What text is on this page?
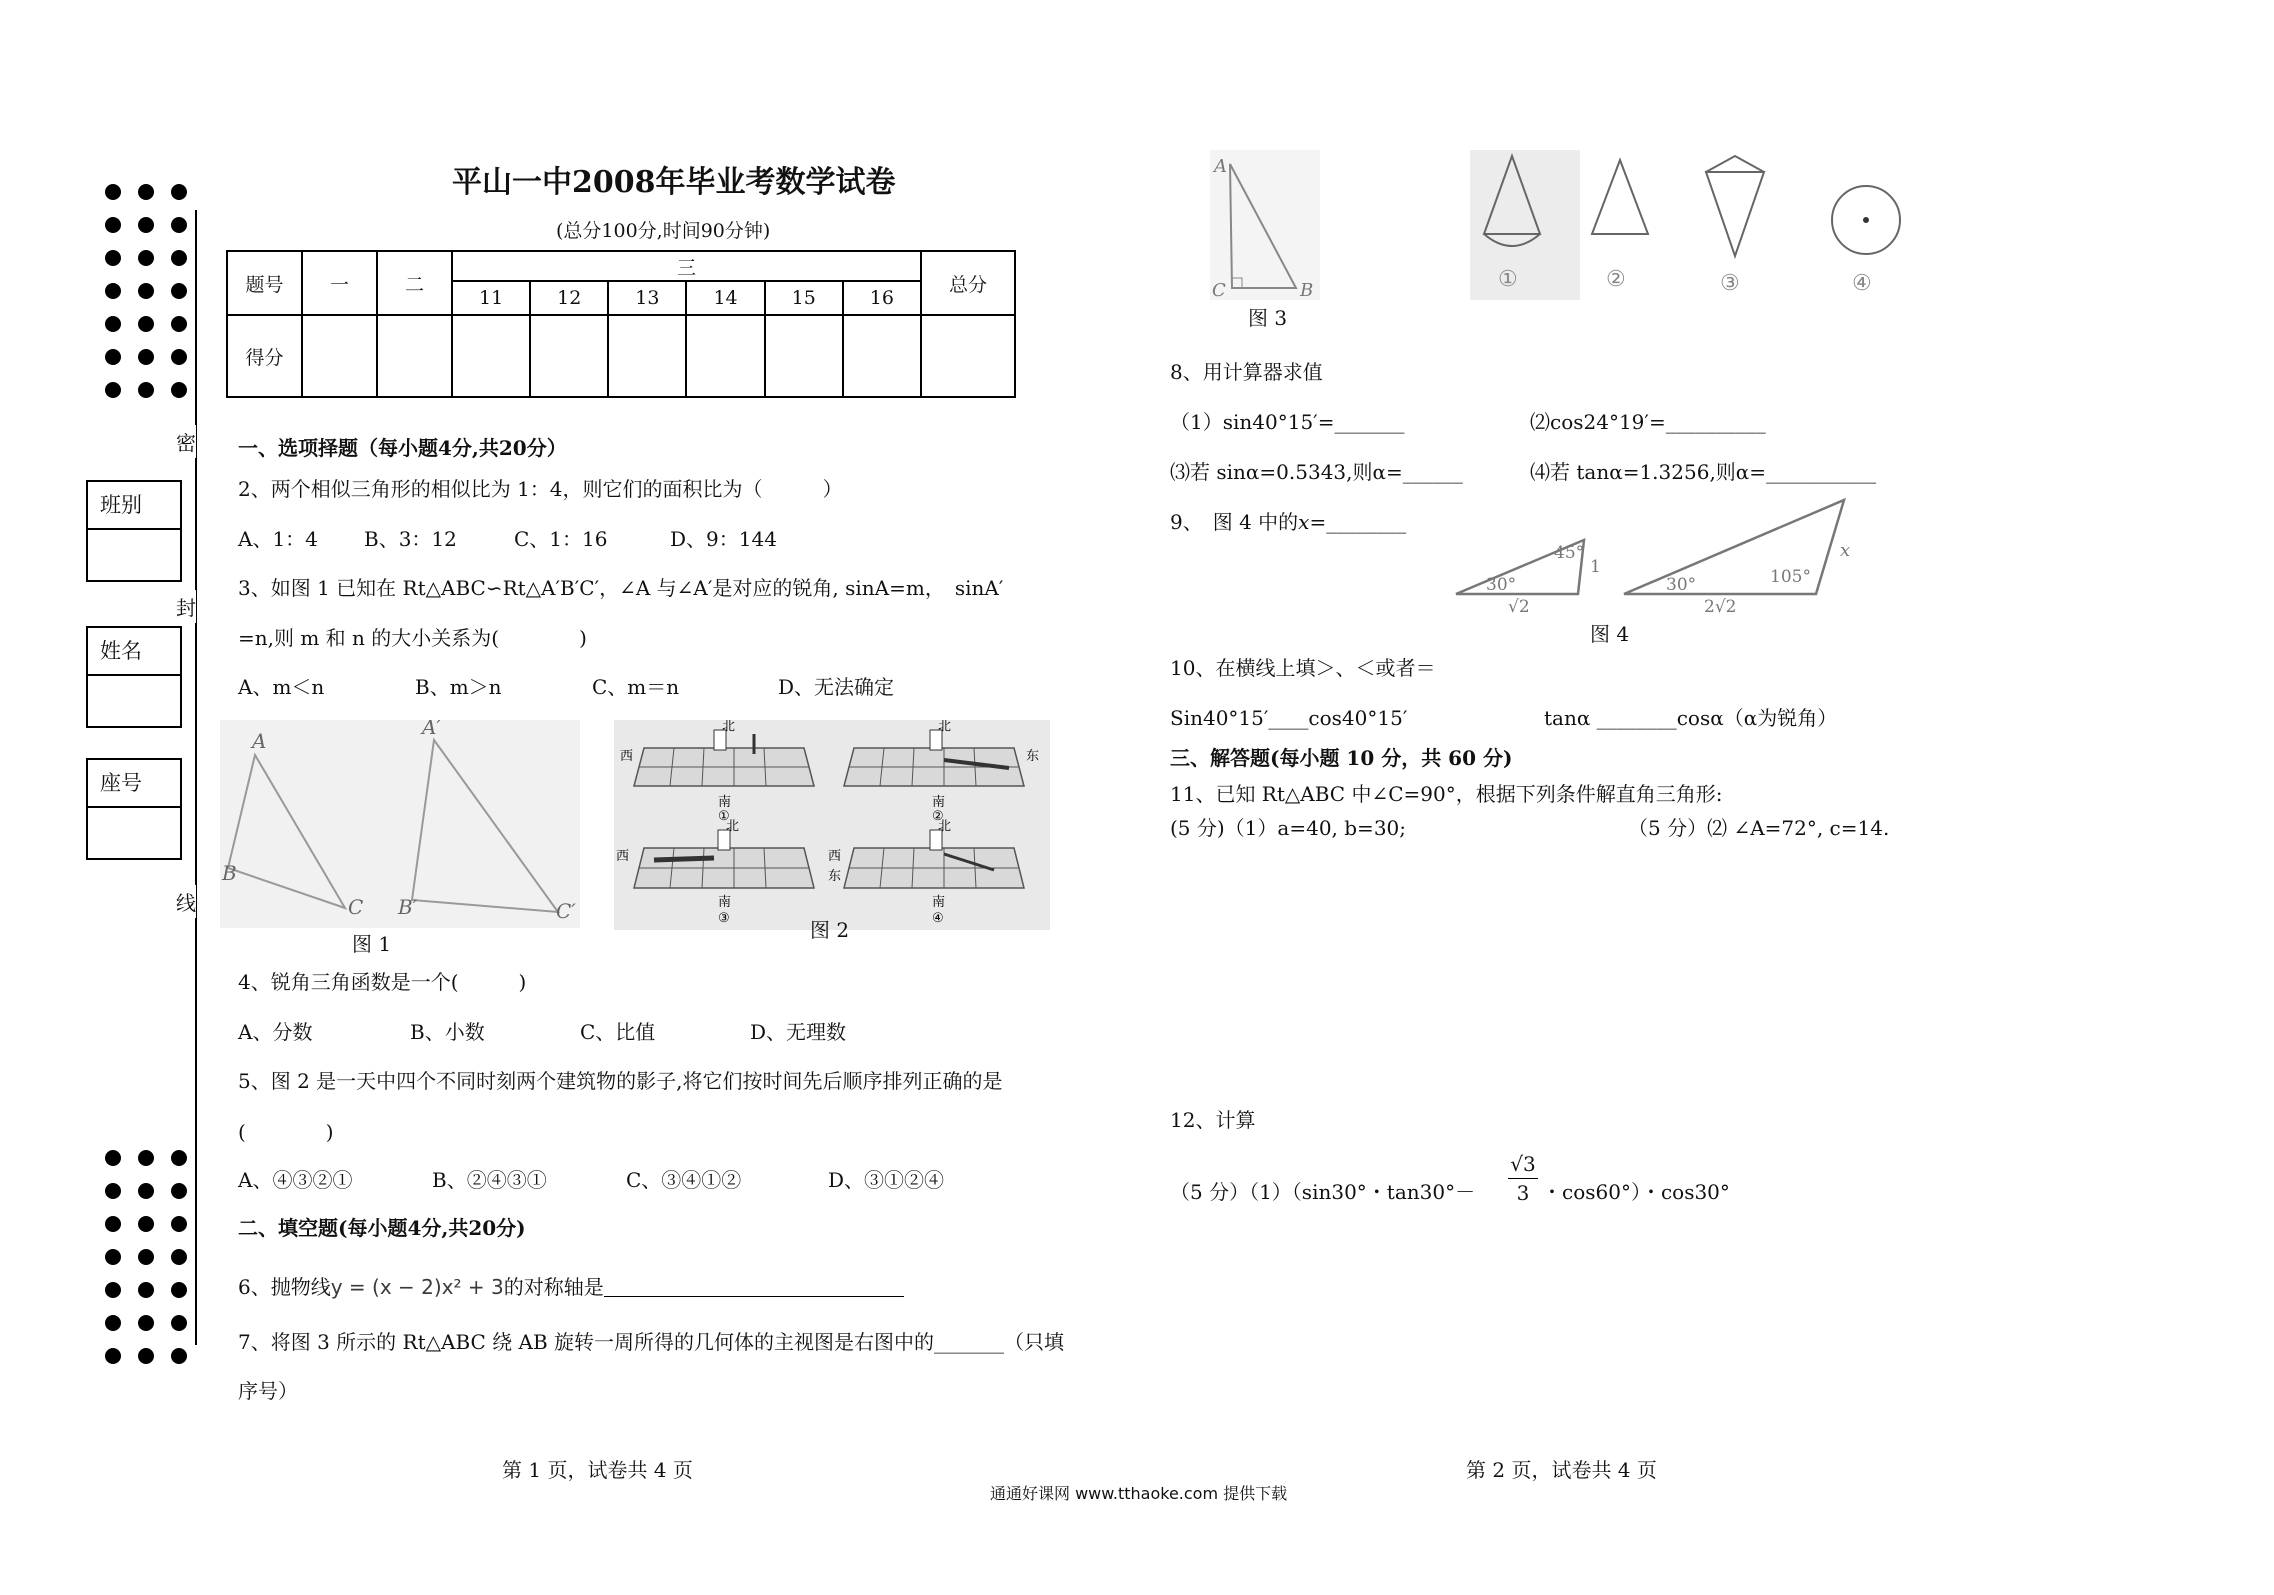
密
封
线
班别
姓名
座号
平山一中2008年毕业考数学试卷
(总分100分,时间90分钟)
题号	一	二	三						总分
			11	12	13	14	15	16	
得分									
一、选项择题（每小题4分,共20分）
2、两个相似三角形的相似比为 1：4，则它们的面积比为（　　　）
A、1：4 B、3：12	C、1：16	D、9：144
3、如图 1 已知在 Rt△ABC∽Rt△A′B′C′，∠A 与∠A′是对应的锐角, sinA=m，　sinA′
=n,则 m 和 n 的大小关系为(　　　　)
A、m＜n	B、m＞n	C、m＝n	D、无法确定
A
B
C
A′
B′	C′
图 1
北
西
南
①
北
东
南
②
北
西
南
③
北
西
东
南
④
图 2
4、锐角三角函数是一个(　　　)
A、分数	B、小数	C、比值	D、无理数
5、图 2 是一天中四个不同时刻两个建筑物的影子,将它们按时间先后顺序排列正确的是
(　　　　)
A、④③②①	B、②④③①	C、③④①②	D、③①②④
二、填空题(每小题4分,共20分)
6、抛物线y = (x − 2)x² + 3的对称轴是
7、将图 3 所示的 Rt△ABC 绕 AB 旋转一周所得的几何体的主视图是右图中的_______（只填
序号）
A
C	B
图 3
①	②	③	④
8、用计算器求值
（1）sin40°15′=_______	⑵cos24°19′=__________
⑶若 sinα=0.5343,则α=______	⑷若 tanα=1.3256,则α=___________
9、　图 4 中的x=________
45°
1
30°
√2
30°	105°
x
2√2
图 4
10、在横线上填＞、＜或者＝
Sin40°15′____cos40°15′	tanα ________cosα（α为锐角）
三、解答题(每小题 10 分，共 60 分)
11、已知 Rt△ABC 中∠C=90°，根据下列条件解直角三角形:
(5 分)（1）a=40, b=30;	（5 分）⑵ ∠A=72°, c=14.
12、计算
（5 分）（1）（sin30°・$\tan 30^\circ- \frac{√3}{3}$ ・cos60°）・cos30°
第 1 页，试卷共 4 页	第 2 页，试卷共 4 页
通通好课网 www.tthaoke.com 提供下载
